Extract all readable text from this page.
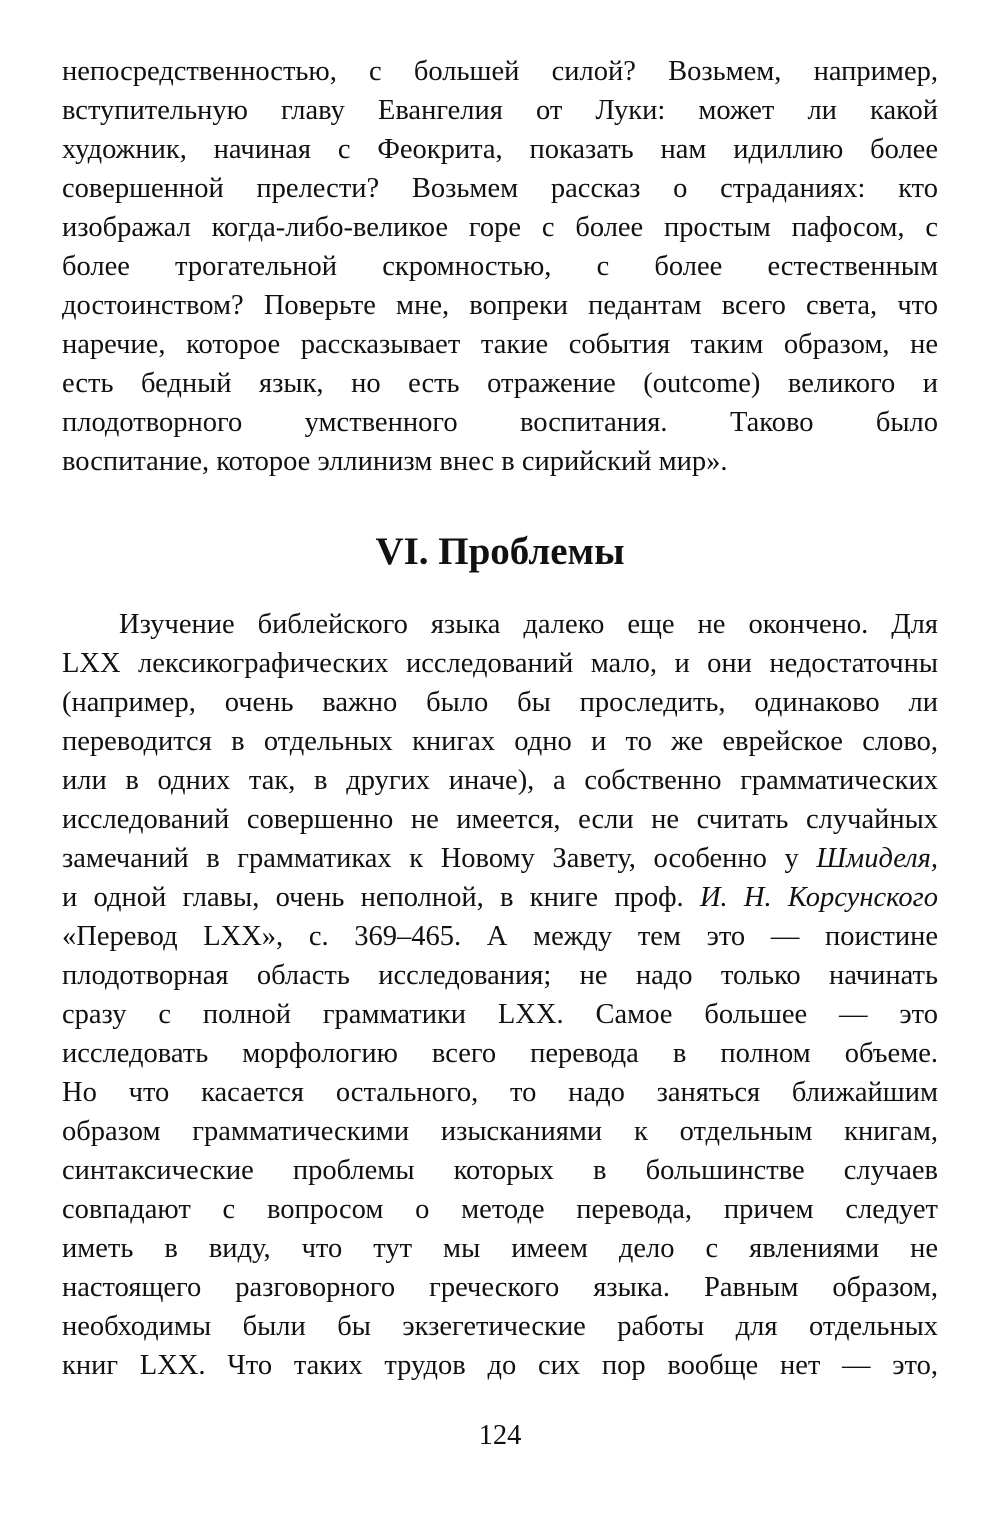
непосредственностью, с большей силой? Возьмем, например,
вступительную главу Евангелия от Луки: может ли какой
художник, начиная с Феокрита, показать нам идиллию более
совершенной прелести? Возьмем рассказ о страданиях: кто
изображал когда-либо-великое горе с более простым пафосом, с
более трогательной скромностью, с более естественным
достоинством? Поверьте мне, вопреки педантам всего света, что
наречие, которое рассказывает такие события таким образом, не
есть бедный язык, но есть отражение (outcome) великого и
плодотворного умственного воспитания. Таково было
воспитание, которое эллинизм внес в сирийский мир».
VI. Проблемы
Изучение библейского языка далеко еще не окончено. Для
LXX лексикографических исследований мало, и они недостаточны
(например, очень важно было бы проследить, одинаково ли
переводится в отдельных книгах одно и то же еврейское слово,
или в одних так, в других иначе), а собственно грамматических
исследований совершенно не имеется, если не считать случайных
замечаний в грамматиках к Новому Завету, особенно у Шмиделя,
и одной главы, очень неполной, в книге проф. И. Н. Корсунского
«Перевод LXX», с. 369–465. А между тем это — поистине
плодотворная область исследования; не надо только начинать
сразу с полной грамматики LXX. Самое большее — это
исследовать морфологию всего перевода в полном объеме.
Но что касается остального, то надо заняться ближайшим
образом грамматическими изысканиями к отдельным книгам,
синтаксические проблемы которых в большинстве случаев
совпадают с вопросом о методе перевода, причем следует
иметь в виду, что тут мы имеем дело с явлениями не
настоящего разговорного греческого языка. Равным образом,
необходимы были бы экзегетические работы для отдельных
книг LXX. Что таких трудов до сих пор вообще нет — это,
124
